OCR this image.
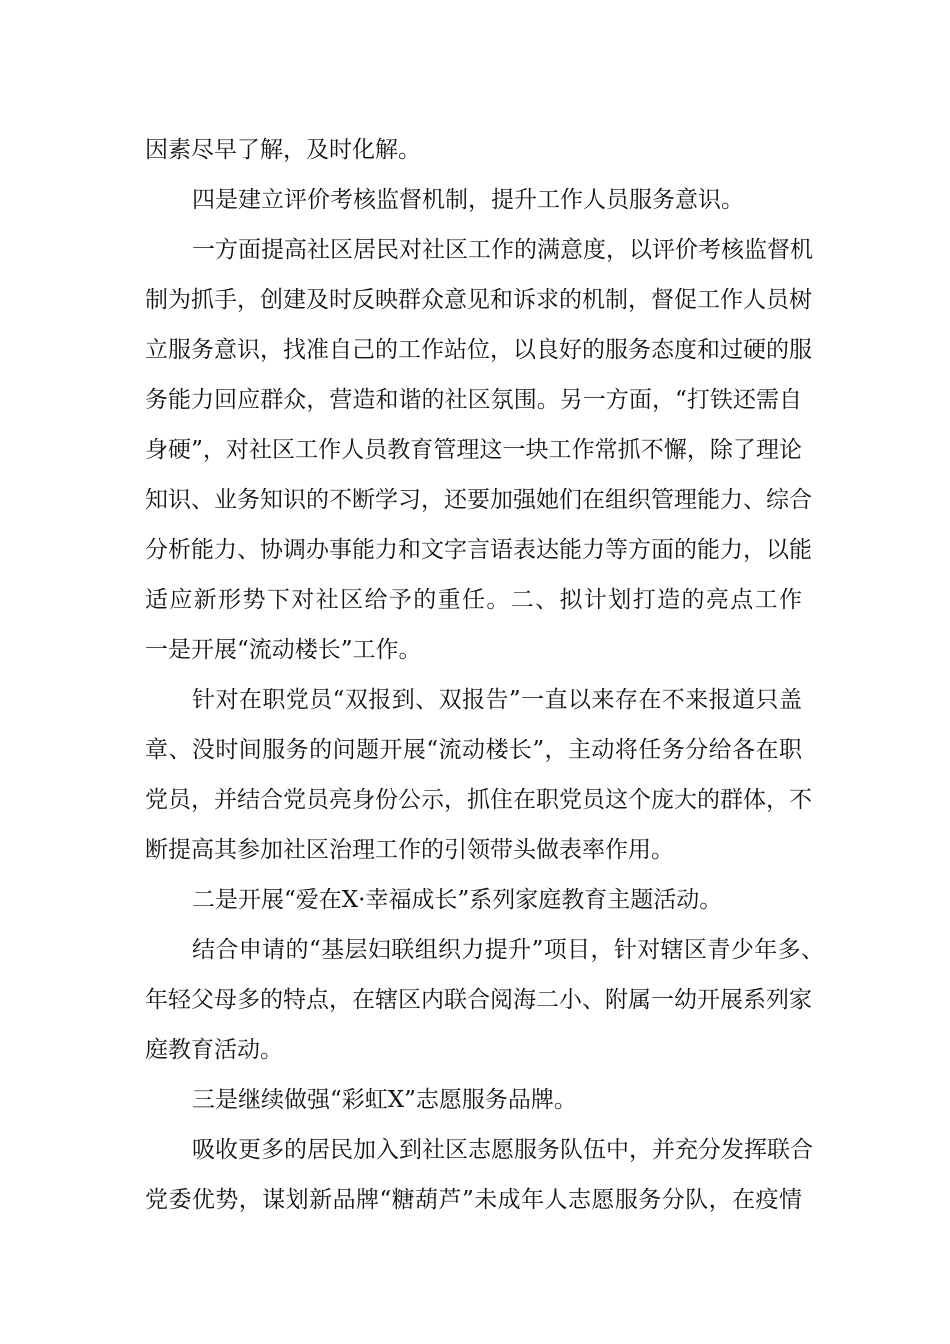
因素尽早了解，及时化解。
四是建立评价考核监督机制，提升工作人员服务意识。
一方面提高社区居民对社区工作的满意度，以评价考核监督机
制为抓手，创建及时反映群众意见和诉求的机制，督促工作人员树
立服务意识，找准自己的工作站位，以良好的服务态度和过硬的服
务能力回应群众，营造和谐的社区氛围。另一方面，“打铁还需自
身硬”，对社区工作人员教育管理这一块工作常抓不懈，除了理论
知识、业务知识的不断学习，还要加强她们在组织管理能力、综合
分析能力、协调办事能力和文字言语表达能力等方面的能力，以能
适应新形势下对社区给予的重任。二、拟计划打造的亮点工作
一是开展“流动楼长”工作。
针对在职党员“双报到、双报告”一直以来存在不来报道只盖
章、没时间服务的问题开展“流动楼长”，主动将任务分给各在职
党员，并结合党员亮身份公示，抓住在职党员这个庞大的群体，不
断提高其参加社区治理工作的引领带头做表率作用。
二是开展“爱在X·幸福成长”系列家庭教育主题活动。
结合申请的“基层妇联组织力提升”项目，针对辖区青少年多、
年轻父母多的特点，在辖区内联合阅海二小、附属一幼开展系列家
庭教育活动。
三是继续做强“彩虹X”志愿服务品牌。
吸收更多的居民加入到社区志愿服务队伍中，并充分发挥联合
党委优势，谋划新品牌“糖葫芦”未成年人志愿服务分队，在疫情
